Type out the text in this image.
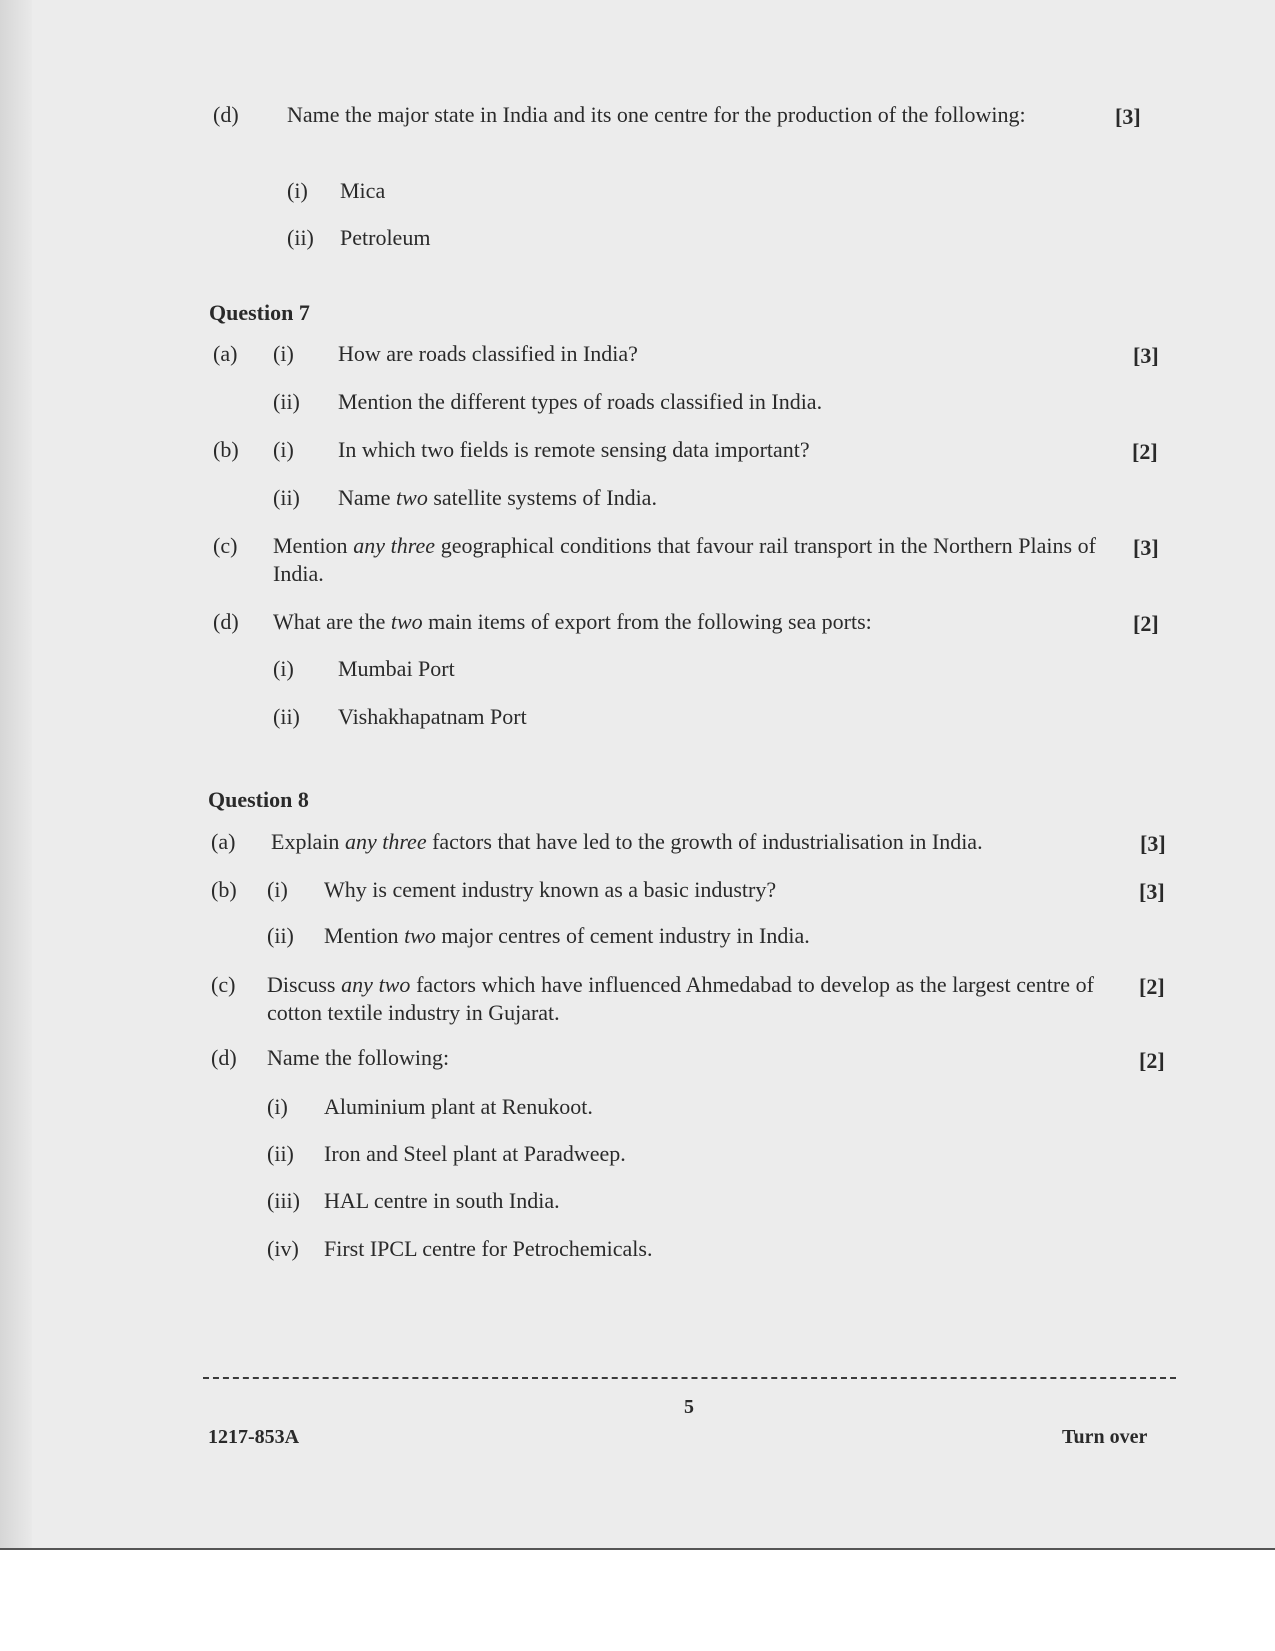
(d) Name the major state in India and its one centre for the production of the following:	[3]
(i) Mica
(ii) Petroleum
Question 7
(a) (i) How are roads classified in India?	[3]
(ii) Mention the different types of roads classified in India.
(b) (i) In which two fields is remote sensing data important?	[2]
(ii) Name two satellite systems of India.
(c) Mention any three geographical conditions that favour rail transport in the Northern Plains of India.

[3]
(d) What are the two main items of export from the following sea ports:	[2]
(i) Mumbai Port
(ii) Vishakhapatnam Port
Question 8
(a) Explain any three factors that have led to the growth of industrialisation in India.	[3]
(b) (i) Why is cement industry known as a basic industry?	[3]
(ii) Mention two major centres of cement industry in India.
(c) Discuss any two factors which have influenced Ahmedabad to develop as the largest centre of cotton textile industry in Gujarat.

[2]
(d) Name the following:	[2]
(i) Aluminium plant at Renukoot.
(ii) Iron and Steel plant at Paradweep.
(iii) HAL centre in south India.
(iv) First IPCL centre for Petrochemicals.
5
1217-853A	Turn over
